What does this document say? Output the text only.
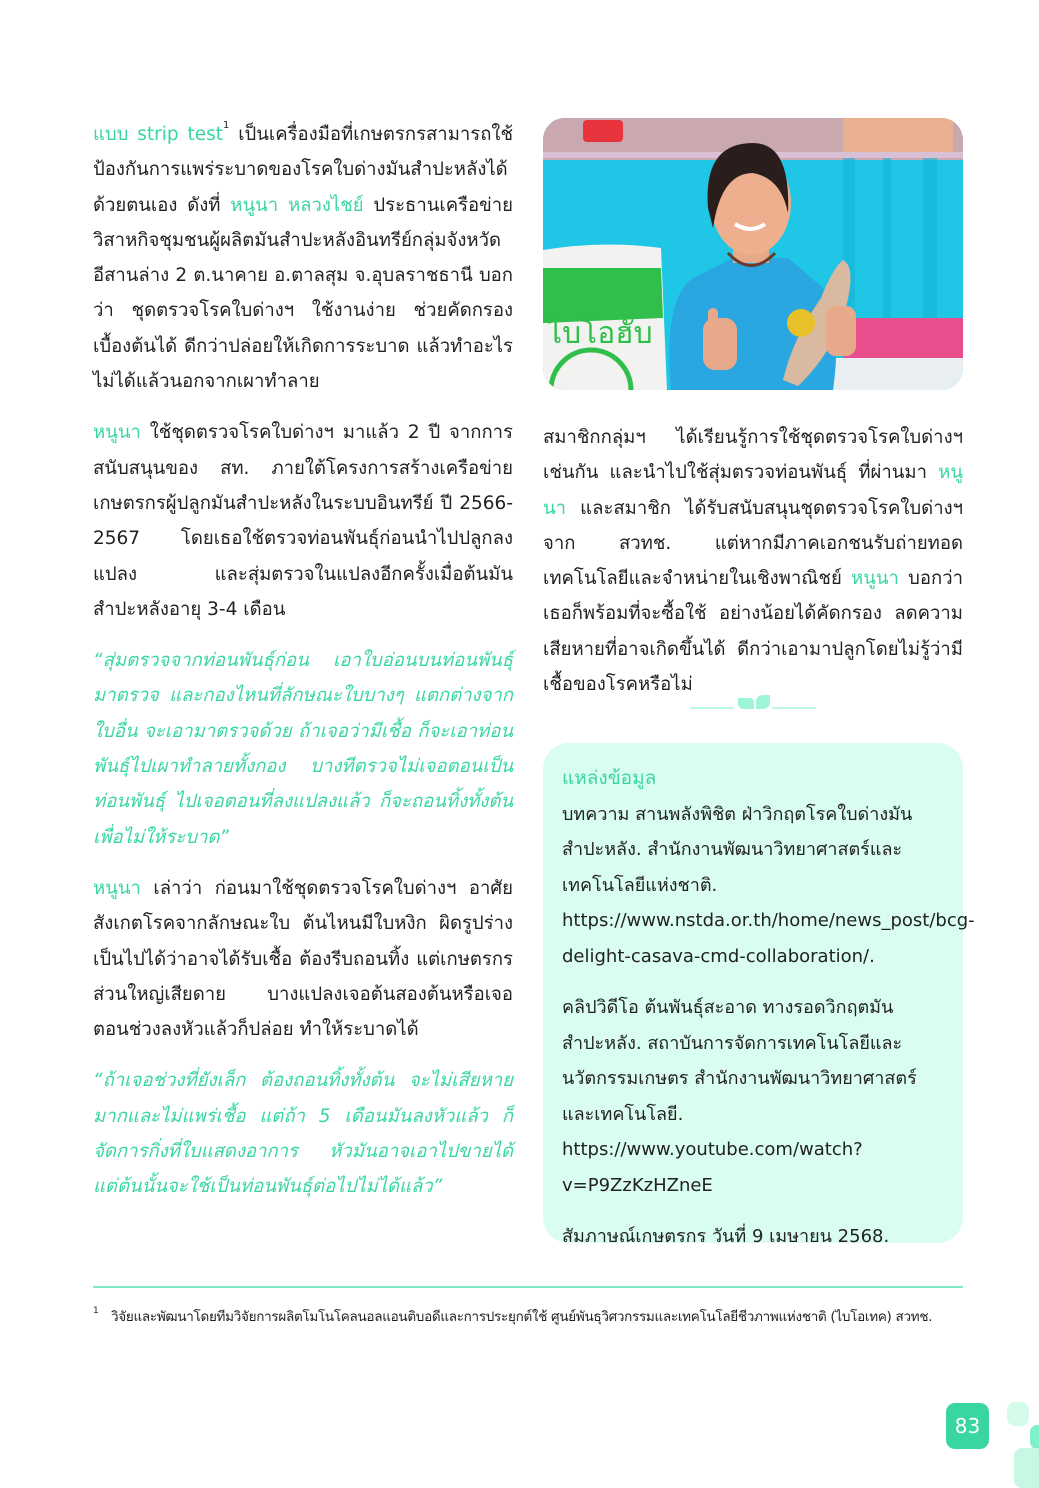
แบบ strip test$^1$ เป็นเครื่องมือที่เกษตรกรสามารถใช้ป้องกันการแพร่ระบาดของโรคใบด่างมันสำปะหลังได้ด้วยตนเอง ดังที่ หนูนา หลวงไชย์ ประธานเครือข่ายวิสาหกิจชุมชนผู้ผลิตมันสำปะหลังอินทรีย์กลุ่มจังหวัดอีสานล่าง 2 ต.นาคาย อ.ตาลสุม จ.อุบลราชธานี บอกว่า ชุดตรวจโรคใบด่างฯ ใช้งานง่าย ช่วยคัดกรองเบื้องต้นได้ ดีกว่าปล่อยให้เกิดการระบาด แล้วทำอะไรไม่ได้แล้วนอกจากเผาทำลาย

หนูนา ใช้ชุดตรวจโรคใบด่างฯ มาแล้ว 2 ปี จากการสนับสนุนของ สท. ภายใต้โครงการสร้างเครือข่ายเกษตรกรผู้ปลูกมันสำปะหลังในระบบอินทรีย์ ปี 2566-2567 โดยเธอใช้ตรวจท่อนพันธุ์ก่อนนำไปปลูกลงแปลง และสุ่มตรวจในแปลงอีกครั้งเมื่อต้นมันสำปะหลังอายุ 3-4 เดือน

“สุ่มตรวจจากท่อนพันธุ์ก่อน เอาใบอ่อนบนท่อนพันธุ์มาตรวจ และกองไหนที่ลักษณะใบบางๆ แตกต่างจากใบอื่น จะเอามาตรวจด้วย ถ้าเจอว่ามีเชื้อ ก็จะเอาท่อนพันธุ์ไปเผาทำลายทั้งกอง บางทีตรวจไม่เจอตอนเป็นท่อนพันธุ์ ไปเจอตอนที่ลงแปลงแล้ว ก็จะถอนทิ้งทั้งต้น เพื่อไม่ให้ระบาด”

หนูนา เล่าว่า ก่อนมาใช้ชุดตรวจโรคใบด่างฯ อาศัยสังเกตโรคจากลักษณะใบ ต้นไหนมีใบหงิก ผิดรูปร่าง เป็นไปได้ว่าอาจได้รับเชื้อ ต้องรีบถอนทิ้ง แต่เกษตรกรส่วนใหญ่เสียดาย บางแปลงเจอต้นสองต้นหรือเจอตอนช่วงลงหัวแล้วก็ปล่อย ทำให้ระบาดได้

“ถ้าเจอช่วงที่ยังเล็ก ต้องถอนทิ้งทั้งต้น จะไม่เสียหายมากและไม่แพร่เชื้อ แต่ถ้า 5 เดือนมันลงหัวแล้ว ก็จัดการกิ่งที่ใบแสดงอาการ หัวมันอาจเอาไปขายได้ แต่ต้นนั้นจะใช้เป็นท่อนพันธุ์ต่อไปไม่ได้แล้ว”

ไบโอฮับ

สมาชิกกลุ่มฯ ได้เรียนรู้การใช้ชุดตรวจโรคใบด่างฯ เช่นกัน และนำไปใช้สุ่มตรวจท่อนพันธุ์ ที่ผ่านมา หนูนา และสมาชิก ได้รับสนับสนุนชุดตรวจโรคใบด่างฯ จาก สวทช. แต่หากมีภาคเอกชนรับถ่ายทอดเทคโนโลยีและจำหน่ายในเชิงพาณิชย์ หนูนา บอกว่า เธอก็พร้อมที่จะซื้อใช้ อย่างน้อยได้คัดกรอง ลดความเสียหายที่อาจเกิดขึ้นได้ ดีกว่าเอามาปลูกโดยไม่รู้ว่ามีเชื้อของโรคหรือไม่

แหล่งข้อมูล

บทความ สานพลังพิชิต ฝ่าวิกฤตโรคใบด่างมันสำปะหลัง. สำนักงานพัฒนาวิทยาศาสตร์และเทคโนโลยีแห่งชาติ. https://www.nstda.or.th/home/news_post/bcg-delight-casava-cmd-collaboration/.

คลิปวิดีโอ ต้นพันธุ์สะอาด ทางรอดวิกฤตมันสำปะหลัง. สถาบันการจัดการเทคโนโลยีและนวัตกรรมเกษตร สำนักงานพัฒนาวิทยาศาสตร์และเทคโนโลยี. https://www.youtube.com/watch?v=P9ZzKzHZneE

สัมภาษณ์เกษตรกร วันที่ 9 เมษายน 2568.

1 วิจัยและพัฒนาโดยทีมวิจัยการผลิตโมโนโคลนอลแอนติบอดีและการประยุกต์ใช้ ศูนย์พันธุวิศวกรรมและเทคโนโลยีชีวภาพแห่งชาติ (ไบโอเทค) สวทช.
83
